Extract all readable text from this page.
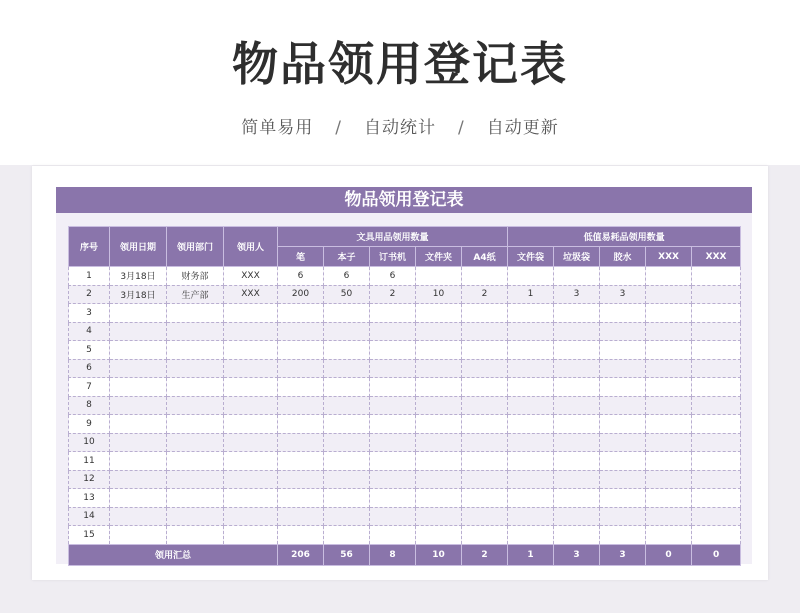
物品领用登记表
简单易用 / 自动统计 / 自动更新
物品领用登记表
序号	领用日期	领用部门	领用人	文具用品领用数量					低值易耗品领用数量				
				笔	本子	订书机	文件夹	A4纸	文件袋	垃圾袋	胶水	XXX	XXX
1	3月18日	财务部	XXX	6	6	6							
2	3月18日	生产部	XXX	200	50	2	10	2	1	3	3		
3													
4													
5													
6													
7													
8													
9													
10													
11													
12													
13													
14													
15													
领用汇总				206	56	8	10	2	1	3	3	0	0
